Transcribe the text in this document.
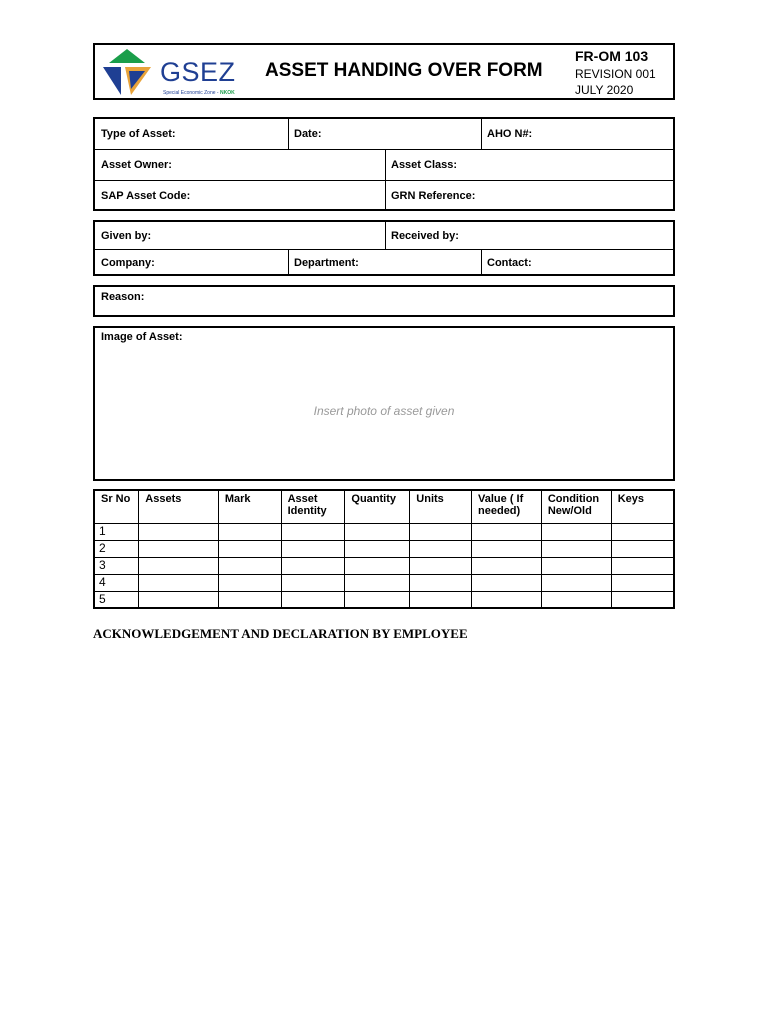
GSEZ
Special Economic Zone - NKOK
ASSET HANDING OVER FORM
FR-OM 103
REVISION 001
JULY 2020
Type of Asset:	Date:	AHO N#:
Asset Owner:	Asset Class:
SAP Asset Code:	GRN Reference:
Given by:	Received by:
Company:	Department:	Contact:
Reason:
Image of Asset:
Insert photo of asset given
Sr No	Assets	Mark	Asset Identity	Quantity	Units	Value ( If needed)	Condition New/Old	Keys
1								
2								
3								
4								
5								
ACKNOWLEDGEMENT AND DECLARATION BY EMPLOYEE
